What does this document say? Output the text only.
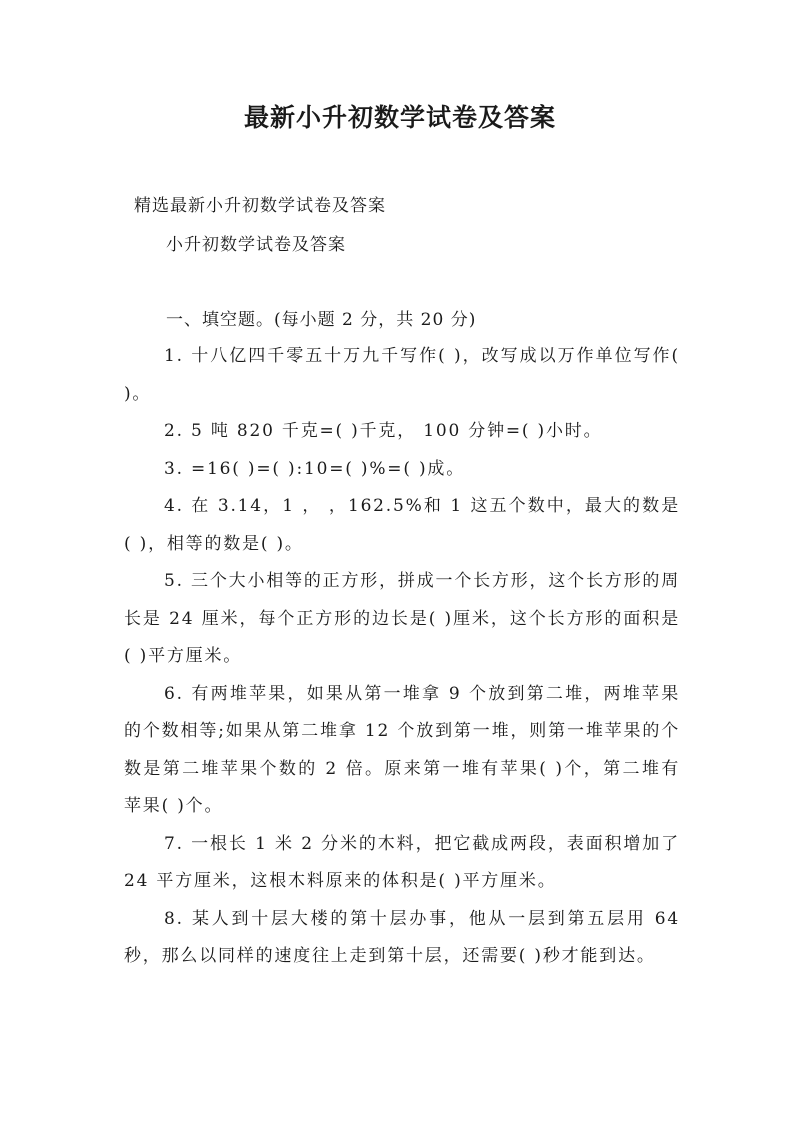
最新小升初数学试卷及答案
精选最新小升初数学试卷及答案
小升初数学试卷及答案
一、填空题。(每小题 2 分，共 20 分)

1. 十八亿四千零五十万九千写作( )，改写成以万作单位写作( )。

2. 5 吨 820 千克=( )千克， 100 分钟=( )小时。

3. =16( )=( ):10=( )%=( )成。

4. 在 3.14，1 ， ，162.5%和 1 这五个数中，最大的数是( )，相等的数是( )。

5. 三个大小相等的正方形，拼成一个长方形，这个长方形的周长是 24 厘米，每个正方形的边长是( )厘米，这个长方形的面积是( )平方厘米。

6. 有两堆苹果，如果从第一堆拿 9 个放到第二堆，两堆苹果的个数相等;如果从第二堆拿 12 个放到第一堆，则第一堆苹果的个数是第二堆苹果个数的 2 倍。原来第一堆有苹果( )个，第二堆有苹果( )个。

7. 一根长 1 米 2 分米的木料，把它截成两段，表面积增加了 24 平方厘米，这根木料原来的体积是( )平方厘米。

8. 某人到十层大楼的第十层办事，他从一层到第五层用 64 秒，那么以同样的速度往上走到第十层，还需要( )秒才能到达。
